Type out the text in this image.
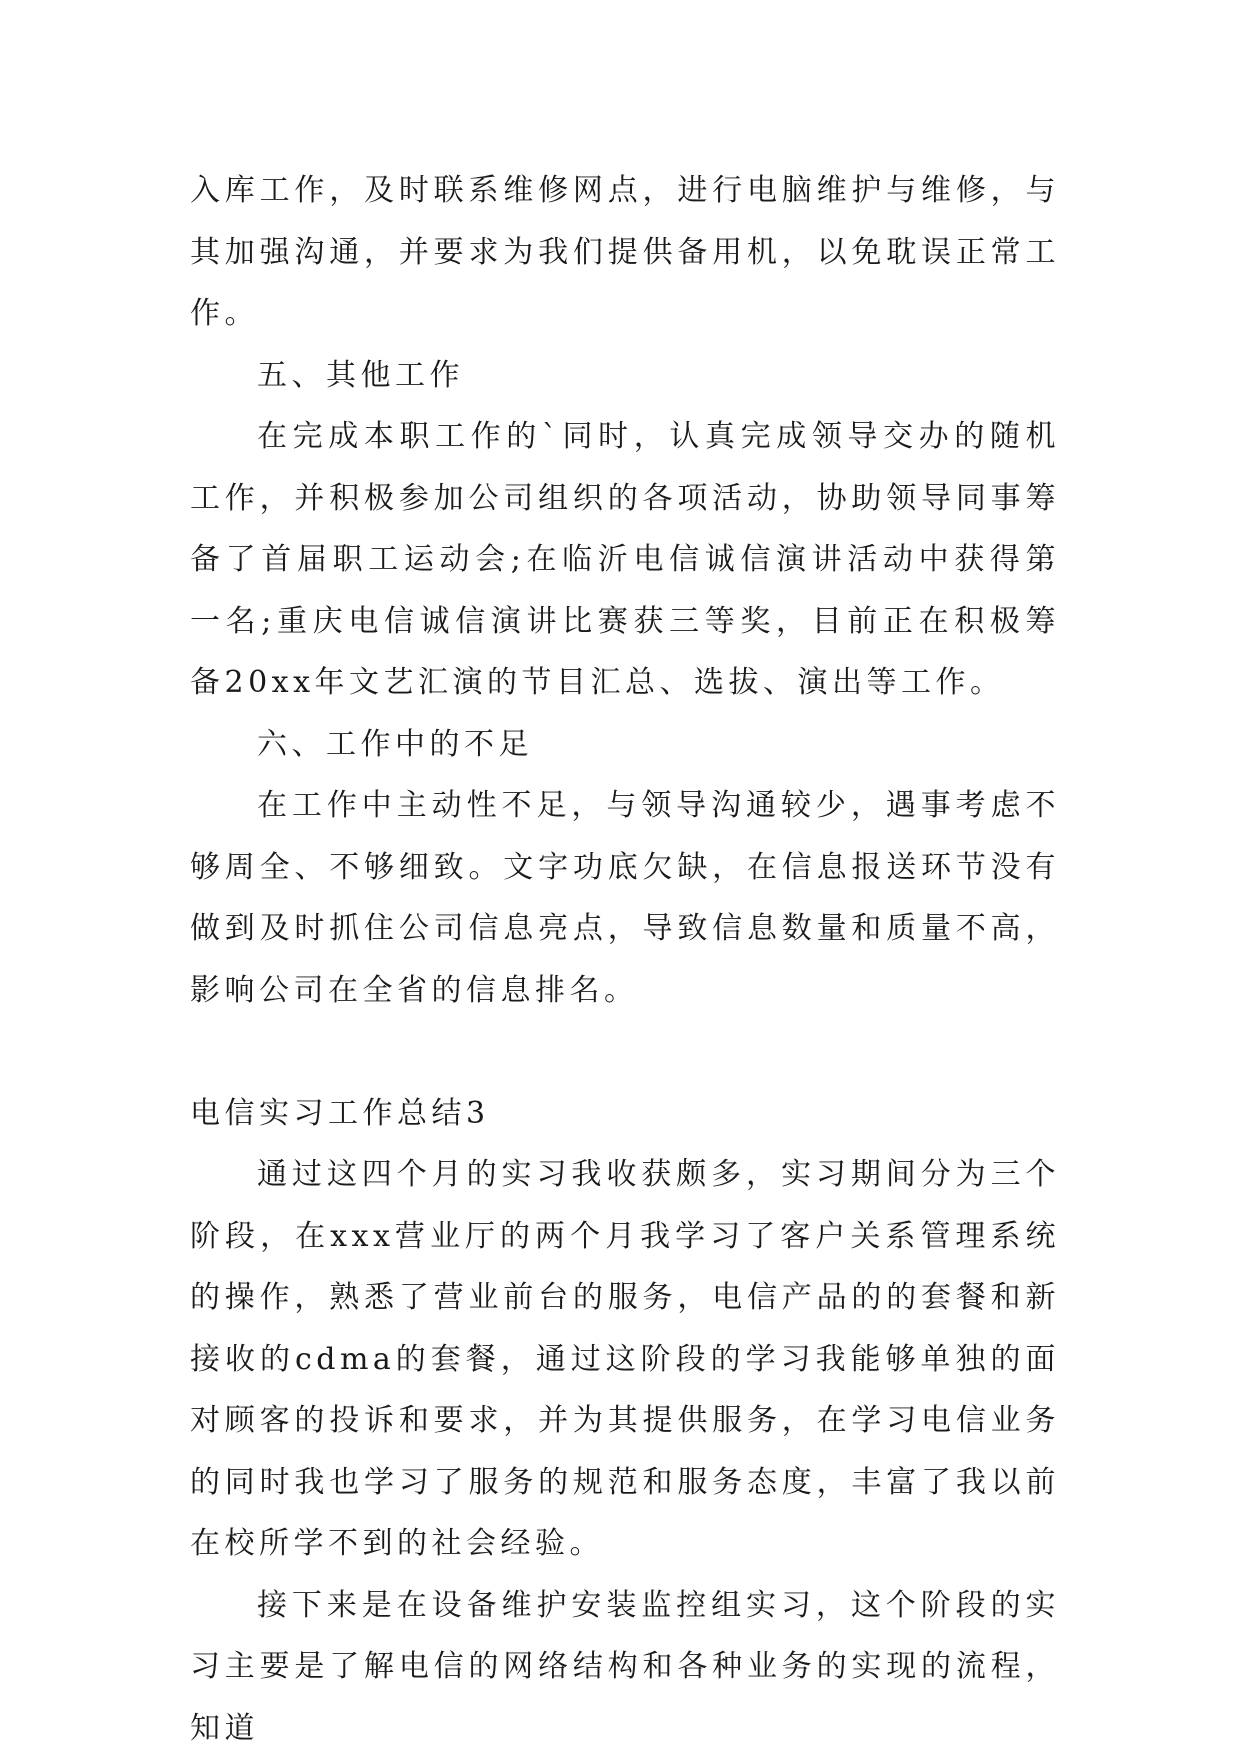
入库工作，及时联系维修网点，进行电脑维护与维修，与其加强沟通，并要求为我们提供备用机，以免耽误正常工作。

五、其他工作

在完成本职工作的`同时，认真完成领导交办的随机工作，并积极参加公司组织的各项活动，协助领导同事筹备了首届职工运动会;在临沂电信诚信演讲活动中获得第一名;重庆电信诚信演讲比赛获三等奖，目前正在积极筹备20xx年文艺汇演的节目汇总、选拔、演出等工作。

六、工作中的不足

在工作中主动性不足，与领导沟通较少，遇事考虑不够周全、不够细致。文字功底欠缺，在信息报送环节没有做到及时抓住公司信息亮点，导致信息数量和质量不高，影响公司在全省的信息排名。

电信实习工作总结3

通过这四个月的实习我收获颇多，实习期间分为三个阶段，在xxx营业厅的两个月我学习了客户关系管理系统的操作，熟悉了营业前台的服务，电信产品的的套餐和新接收的cdma的套餐，通过这阶段的学习我能够单独的面对顾客的投诉和要求，并为其提供服务，在学习电信业务的同时我也学习了服务的规范和服务态度，丰富了我以前在校所学不到的社会经验。

接下来是在设备维护安装监控组实习，这个阶段的实习主要是了解电信的网络结构和各种业务的实现的流程，知道
